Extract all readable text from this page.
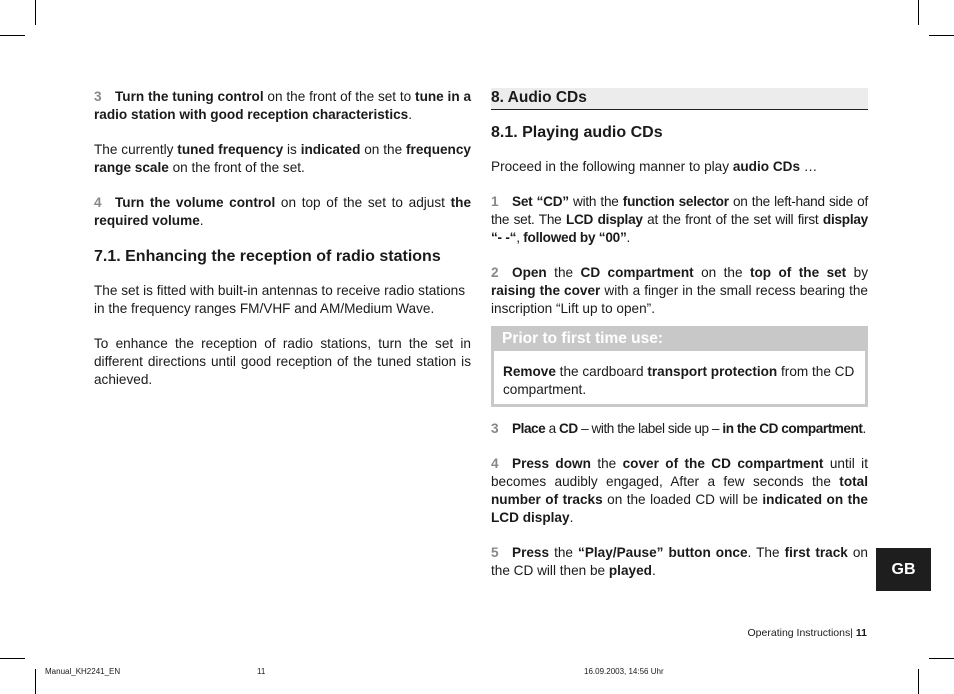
3 Turn the tuning control on the front of the set to tune in a radio station with good reception characteristics.

The currently tuned frequency is indicated on the frequency range scale on the front of the set.

4 Turn the volume control on top of the set to adjust the required volume.

7.1. Enhancing the reception of radio stations

The set is fitted with built-in antennas to receive radio stations in the frequency ranges FM/VHF and AM/Medium Wave.

To enhance the reception of radio stations, turn the set in different directions until good reception of the tuned station is achieved.

8. Audio CDs
8.1. Playing audio CDs

Proceed in the following manner to play audio CDs …

1 Set “CD” with the function selector on the left-hand side of the set. The LCD display at the front of the set will first display “- -“, followed by “00”.

2 Open the CD compartment on the top of the set by raising the cover with a finger in the small recess bearing the inscription “Lift up to open”.

Prior to first time use:
Remove the cardboard transport protection from the CD compartment.

3 Place a CD – with the label side up – in the CD compartment.

4 Press down the cover of the CD compartment until it becomes audibly engaged, After a few seconds the total number of tracks on the loaded CD will be indicated on the LCD display.

5 Press the “Play/Pause” button once. The first track on the CD will then be played.	GB
Operating Instructions| 11
Manual_KH2241_EN	11	16.09.2003, 14:56 Uhr
